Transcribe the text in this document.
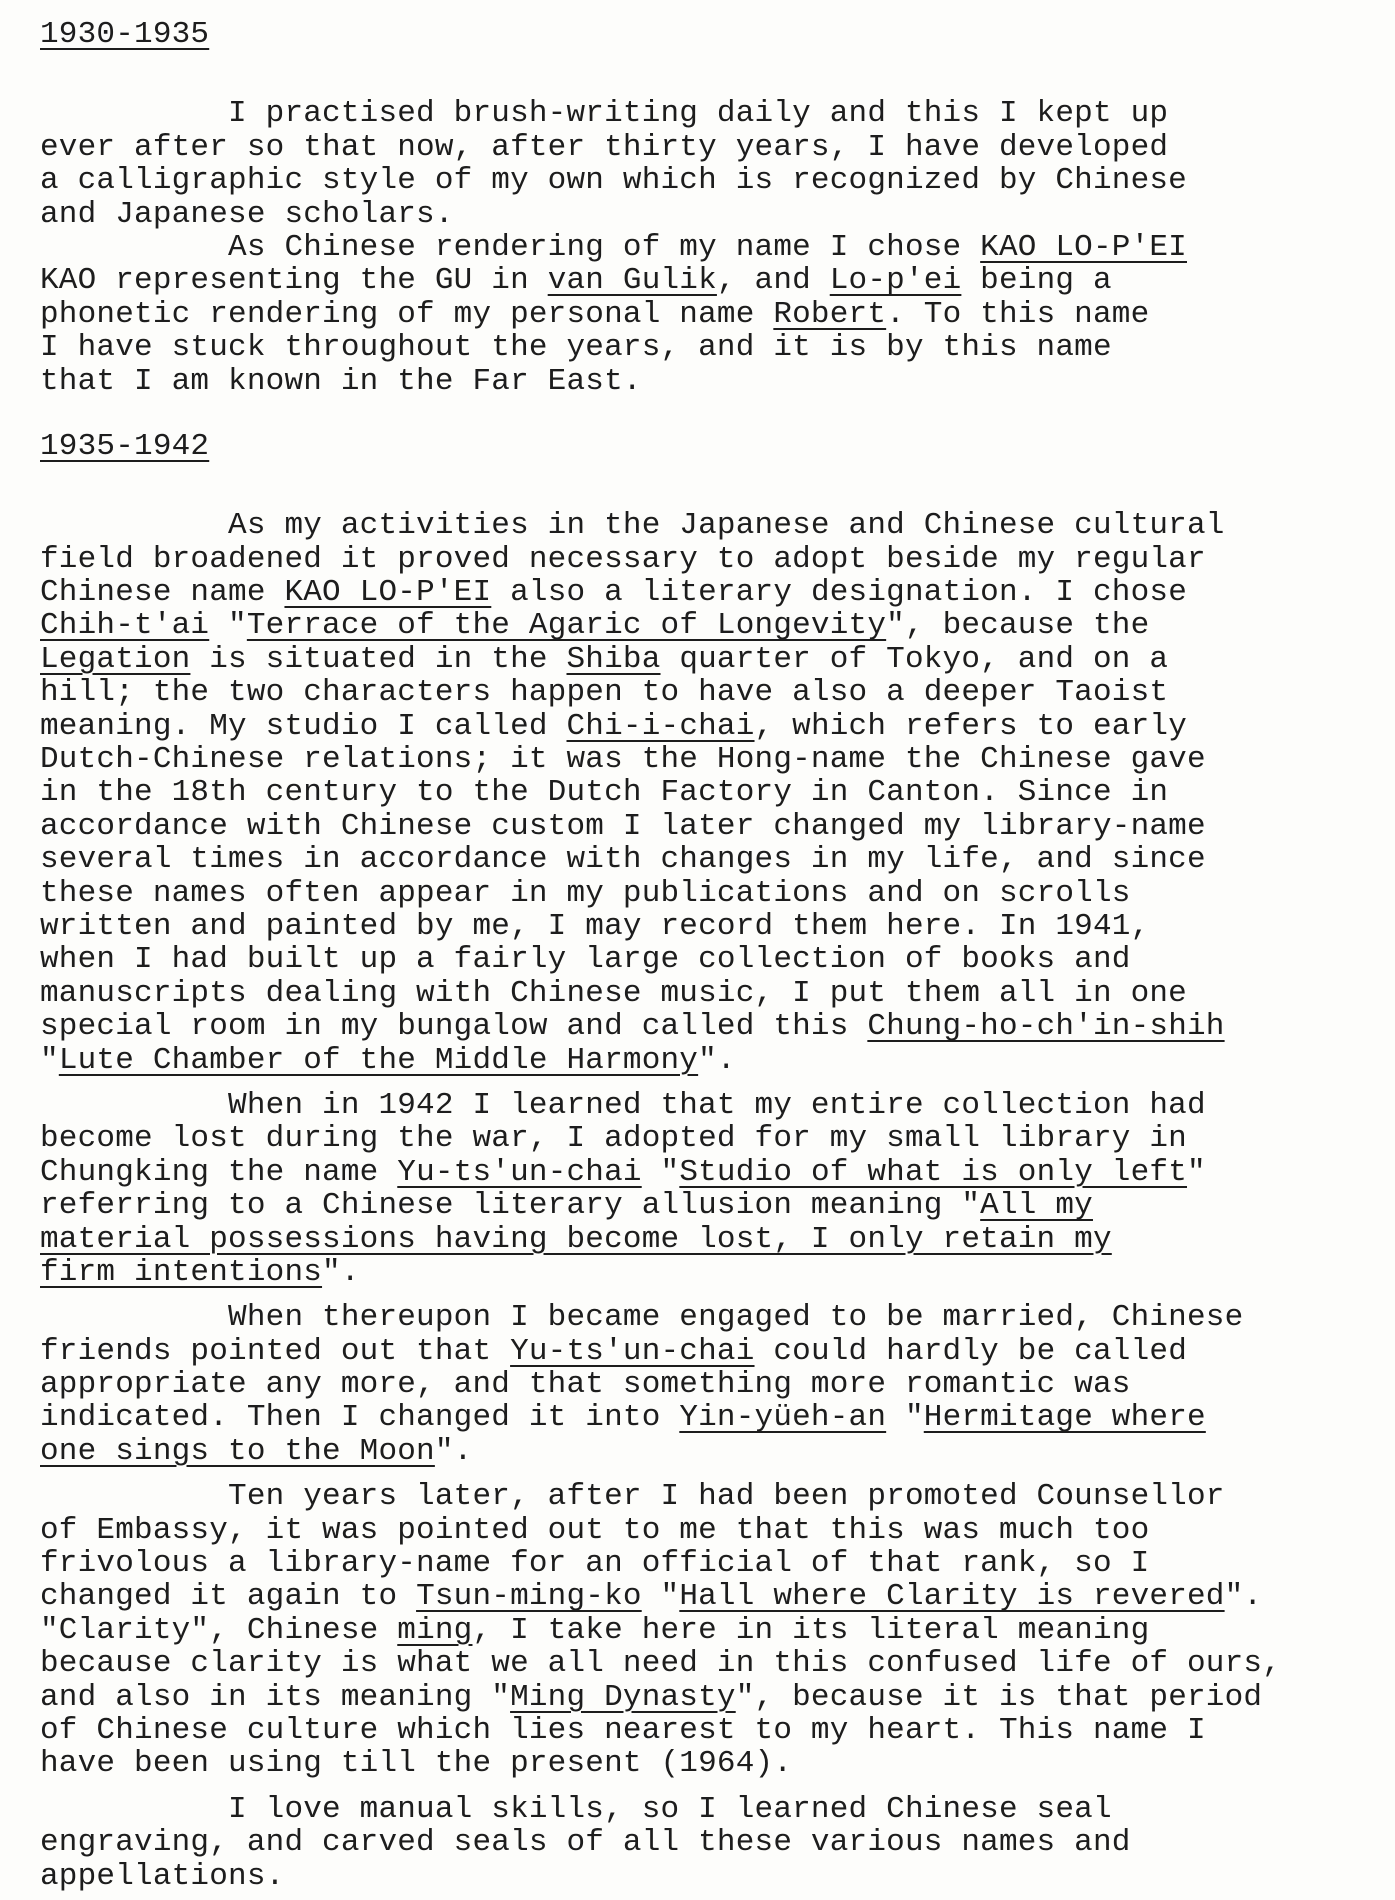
1930-1935
I practised brush-writing daily and this I kept up
ever after so that now, after thirty years, I have developed
a calligraphic style of my own which is recognized by Chinese
and Japanese scholars.
As Chinese rendering of my name I chose KAO LO-P'EI
KAO representing the GU in van Gulik, and Lo-p'ei being a
phonetic rendering of my personal name Robert. To this name
I have stuck throughout the years, and it is by this name
that I am known in the Far East.
1935-1942
As my activities in the Japanese and Chinese cultural
field broadened it proved necessary to adopt beside my regular
Chinese name KAO LO-P'EI also a literary designation. I chose
Chih-t'ai "Terrace of the Agaric of Longevity", because the
Legation is situated in the Shiba quarter of Tokyo, and on a
hill; the two characters happen to have also a deeper Taoist
meaning. My studio I called Chi-i-chai, which refers to early
Dutch-Chinese relations; it was the Hong-name the Chinese gave
in the 18th century to the Dutch Factory in Canton. Since in
accordance with Chinese custom I later changed my library-name
several times in accordance with changes in my life, and since
these names often appear in my publications and on scrolls
written and painted by me, I may record them here. In 1941,
when I had built up a fairly large collection of books and
manuscripts dealing with Chinese music, I put them all in one
special room in my bungalow and called this Chung-ho-ch'in-shih
"Lute Chamber of the Middle Harmony".
When in 1942 I learned that my entire collection had
become lost during the war, I adopted for my small library in
Chungking the name Yu-ts'un-chai "Studio of what is only left"
referring to a Chinese literary allusion meaning "All my
material possessions having become lost, I only retain my
firm intentions".
When thereupon I became engaged to be married, Chinese
friends pointed out that Yu-ts'un-chai could hardly be called
appropriate any more, and that something more romantic was
indicated. Then I changed it into Yin-yüeh-an "Hermitage where
one sings to the Moon".
Ten years later, after I had been promoted Counsellor
of Embassy, it was pointed out to me that this was much too
frivolous a library-name for an official of that rank, so I
changed it again to Tsun-ming-ko "Hall where Clarity is revered".
"Clarity", Chinese ming, I take here in its literal meaning
because clarity is what we all need in this confused life of ours,
and also in its meaning "Ming Dynasty", because it is that period
of Chinese culture which lies nearest to my heart. This name I
have been using till the present (1964).
I love manual skills, so I learned Chinese seal
engraving, and carved seals of all these various names and
appellations.
